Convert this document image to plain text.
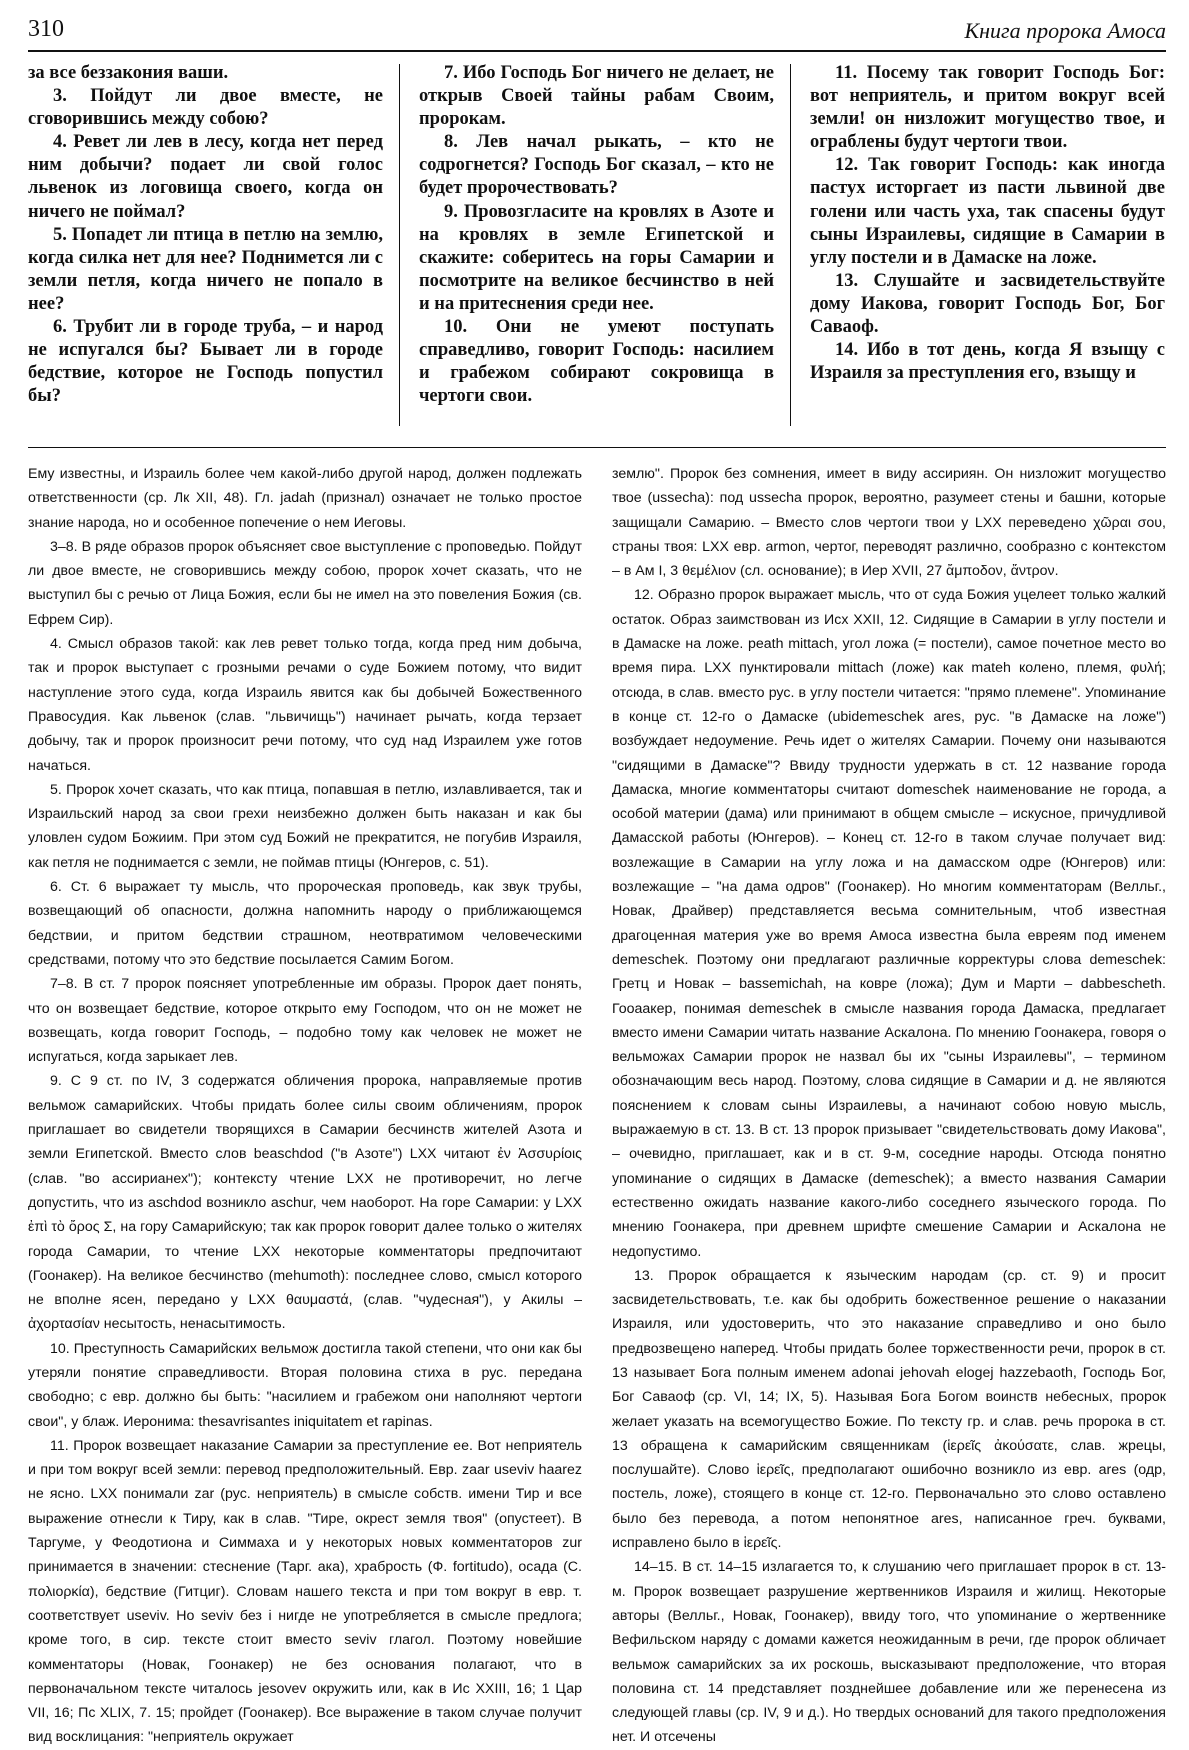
310	Книга пророка Амоса

за все беззакония ваши.

3. Пойдут ли двое вместе, не сговорившись между собою?

4. Ревет ли лев в лесу, когда нет перед ним добычи? подает ли свой голос львенок из логовища своего, когда он ничего не поймал?

5. Попадет ли птица в петлю на землю, когда силка нет для нее? Поднимется ли с земли петля, когда ничего не попало в нее?

6. Трубит ли в городе труба, – и народ не испугался бы? Бывает ли в городе бедствие, которое не Господь попустил бы?

7. Ибо Господь Бог ничего не делает, не открыв Своей тайны рабам Своим, пророкам.

8. Лев начал рыкать, – кто не содрогнется? Господь Бог сказал, – кто не будет пророчествовать?

9. Провозгласите на кровлях в Азоте и на кровлях в земле Египетской и скажите: соберитесь на горы Самарии и посмотрите на великое бесчинство в ней и на притеснения среди нее.

10. Они не умеют поступать справедливо, говорит Господь: насилием и грабежом собирают сокровища в чертоги свои.

11. Посему так говорит Господь Бог: вот неприятель, и притом вокруг всей земли! он низложит могущество твое, и ограблены будут чертоги твои.

12. Так говорит Господь: как иногда пастух исторгает из пасти львиной две голени или часть уха, так спасены будут сыны Израилевы, сидящие в Самарии в углу постели и в Дамаске на ложе.

13. Слушайте и засвидетельствуйте дому Иакова, говорит Господь Бог, Бог Саваоф.

14. Ибо в тот день, когда Я взыщу с Израиля за преступления его, взыщу и

Ему известны, и Израиль более чем какой-либо другой народ, должен подлежать ответственности (ср. Лк XII, 48). Гл. jadah (признал) означает не только простое знание народа, но и особенное попечение о нем Иеговы.

3–8. В ряде образов пророк объясняет свое выступление с проповедью. Пойдут ли двое вместе, не сговорившись между собою, пророк хочет сказать, что не выступил бы с речью от Лица Божия, если бы не имел на это повеления Божия (св. Ефрем Сир).

4. Смысл образов такой: как лев ревет только тогда, когда пред ним добыча, так и пророк выступает с грозными речами о суде Божием потому, что видит наступление этого суда, когда Израиль явится как бы добычей Божественного Правосудия. Как львенок (слав. "львичищь") начинает рычать, когда терзает добычу, так и пророк произносит речи потому, что суд над Израилем уже готов начаться.

5. Пророк хочет сказать, что как птица, попавшая в петлю, излавливается, так и Израильский народ за свои грехи неизбежно должен быть наказан и как бы уловлен судом Божиим. При этом суд Божий не прекратится, не погубив Израиля, как петля не поднимается с земли, не поймав птицы (Юнгеров, с. 51).

6. Ст. 6 выражает ту мысль, что пророческая проповедь, как звук трубы, возвещающий об опасности, должна напомнить народу о приближающемся бедствии, и притом бедствии страшном, неотвратимом человеческими средствами, потому что это бедствие посылается Самим Богом.

7–8. В ст. 7 пророк поясняет употребленные им образы. Пророк дает понять, что он возвещает бедствие, которое открыто ему Господом, что он не может не возвещать, когда говорит Господь, – подобно тому как человек не может не испугаться, когда зарыкает лев.

9. С 9 ст. по IV, 3 содержатся обличения пророка, направляемые против вельмож самарийских. Чтобы придать более силы своим обличениям, пророк приглашает во свидетели творящихся в Самарии бесчинств жителей Азота и земли Египетской. Вместо слов beaschdod ("в Азоте") LXX читают ἐν Ἀσσυρίοις (слав. "во ассирианех"); контексту чтение LXX не противоречит, но легче допустить, что из aschdod возникло aschur, чем наоборот. На горе Самарии: у LXX ἐπὶ τὸ ὄρος Σ, на гору Самарийскую; так как пророк говорит далее только о жителях города Самарии, то чтение LXX некоторые комментаторы предпочитают (Гоонакер). На великое бесчинство (mehumoth): последнее слово, смысл которого не вполне ясен, передано у LXX θαυμαστά, (слав. "чудесная"), у Акилы – ἀχορτασίαν несытость, ненасытимость.

10. Преступность Самарийских вельмож достигла такой степени, что они как бы утеряли понятие справедливости. Вторая половина стиха в рус. передана свободно; с евр. должно бы быть: "насилием и грабежом они наполняют чертоги свои", у блаж. Иеронима: thesavrisantes iniquitatem et rapinas.

11. Пророк возвещает наказание Самарии за преступление ее. Вот неприятель и при том вокруг всей земли: перевод предположительный. Евр. zaar useviv haarez не ясно. LXX понимали zar (рус. неприятель) в смысле собств. имени Тир и все выражение отнесли к Тиру, как в слав. "Тире, окрест земля твоя" (опустеет). В Таргуме, у Феодотиона и Симмаха и у некоторых новых комментаторов zur принимается в значении: стеснение (Тарг. ака), храбрость (Ф. fortitudo), осада (С. πολιορκία), бедствие (Гитциг). Словам нашего текста и при том вокруг в евр. т. соответствует useviv. Но seviv без і нигде не употребляется в смысле предлога; кроме того, в сир. тексте стоит вместо seviv глагол. Поэтому новейшие комментаторы (Новак, Гоонакер) не без основания полагают, что в первоначальном тексте читалось jesovev окружить или, как в Ис XXIII, 16; 1 Цар VII, 16; Пс XLIX, 7. 15; пройдет (Гоонакер). Все выражение в таком случае получит вид восклицания: "неприятель окружает

землю". Пророк без сомнения, имеет в виду ассириян. Он низложит могущество твое (ussecha): под ussecha пророк, вероятно, разумеет стены и башни, которые защищали Самарию. – Вместо слов чертоги твои у LXX переведено χῶραι σου, страны твоя: LXX евр. armon, чертог, переводят различно, сообразно с контекстом – в Ам I, 3 θεμέλιον (сл. основание); в Иер XVII, 27 ἄμποδον, ἄντρον.

12. Образно пророк выражает мысль, что от суда Божия уцелеет только жалкий остаток. Образ заимствован из Исх XXII, 12. Сидящие в Самарии в углу постели и в Дамаске на ложе. peath mittach, угол ложа (= постели), самое почетное место во время пира. LXX пунктировали mittach (ложе) как mateh колено, племя, φυλή; отсюда, в слав. вместо рус. в углу постели читается: "прямо племене". Упоминание в конце ст. 12-го о Дамаске (ubidemeschek ares, рус. "в Дамаске на ложе") возбуждает недоумение. Речь идет о жителях Самарии. Почему они называются "сидящими в Дамаске"? Ввиду трудности удержать в ст. 12 название города Дамаска, многие комментаторы считают domeschek наименование не города, а особой материи (дама) или принимают в общем смысле – искусное, причудливой Дамасской работы (Юнгеров). – Конец ст. 12-го в таком случае получает вид: возлежащие в Самарии на углу ложа и на дамасском одре (Юнгеров) или: возлежащие – "на дама одров" (Гоонакер). Но многим комментаторам (Велльг., Новак, Драйвер) представляется весьма сомнительным, чтоб известная драгоценная материя уже во время Амоса известна была евреям под именем demeschek. Поэтому они предлагают различные корректуры слова demeschek: Гретц и Новак – bassemichah, на ковре (ложа); Дум и Марти – dabbescheth. Гооаакер, понимая demeschek в смысле названия города Дамаска, предлагает вместо имени Самарии читать название Аскалона. По мнению Гоонакера, говоря о вельможах Самарии пророк не назвал бы их "сыны Израилевы", – термином обозначающим весь народ. Поэтому, слова сидящие в Самарии и д. не являются пояснением к словам сыны Израилевы, а начинают собою новую мысль, выражаемую в ст. 13. В ст. 13 пророк призывает "свидетельствовать дому Иакова", – очевидно, приглашает, как и в ст. 9-м, соседние народы. Отсюда понятно упоминание о сидящих в Дамаске (demeschek); а вместо названия Самарии естественно ожидать название какого-либо соседнего языческого города. По мнению Гоонакера, при древнем шрифте смешение Самарии и Аскалона не недопустимо.

13. Пророк обращается к языческим народам (ср. ст. 9) и просит засвидетельствовать, т.е. как бы одобрить божественное решение о наказании Израиля, или удостоверить, что это наказание справедливо и оно было предвозвещено наперед. Чтобы придать более торжественности речи, пророк в ст. 13 называет Бога полным именем adonai jehovah elogej hazzebaoth, Господь Бог, Бог Саваоф (ср. VI, 14; IX, 5). Называя Бога Богом воинств небесных, пророк желает указать на всемогущество Божие. По тексту гр. и слав. речь пророка в ст. 13 обращена к самарийским священникам (ἱερεῖς ἀκούσατε, слав. жрецы, послушайте). Слово ἱερεῖς, предполагают ошибочно возникло из евр. ares (одр, постель, ложе), стоящего в конце ст. 12-го. Первоначально это слово оставлено было без перевода, а потом непонятное ares, написанное греч. буквами, исправлено было в ἱερεῖς.

14–15. В ст. 14–15 излагается то, к слушанию чего приглашает пророк в ст. 13-м. Пророк возвещает разрушение жертвенников Израиля и жилищ. Некоторые авторы (Велльг., Новак, Гоонакер), ввиду того, что упоминание о жертвеннике Вефильском наряду с домами кажется неожиданным в речи, где пророк обличает вельмож самарийских за их роскошь, высказывают предположение, что вторая половина ст. 14 представляет позднейшее добавление или же перенесена из следующей главы (ср. IV, 9 и д.). Но твердых оснований для такого предположения нет. И отсечены
